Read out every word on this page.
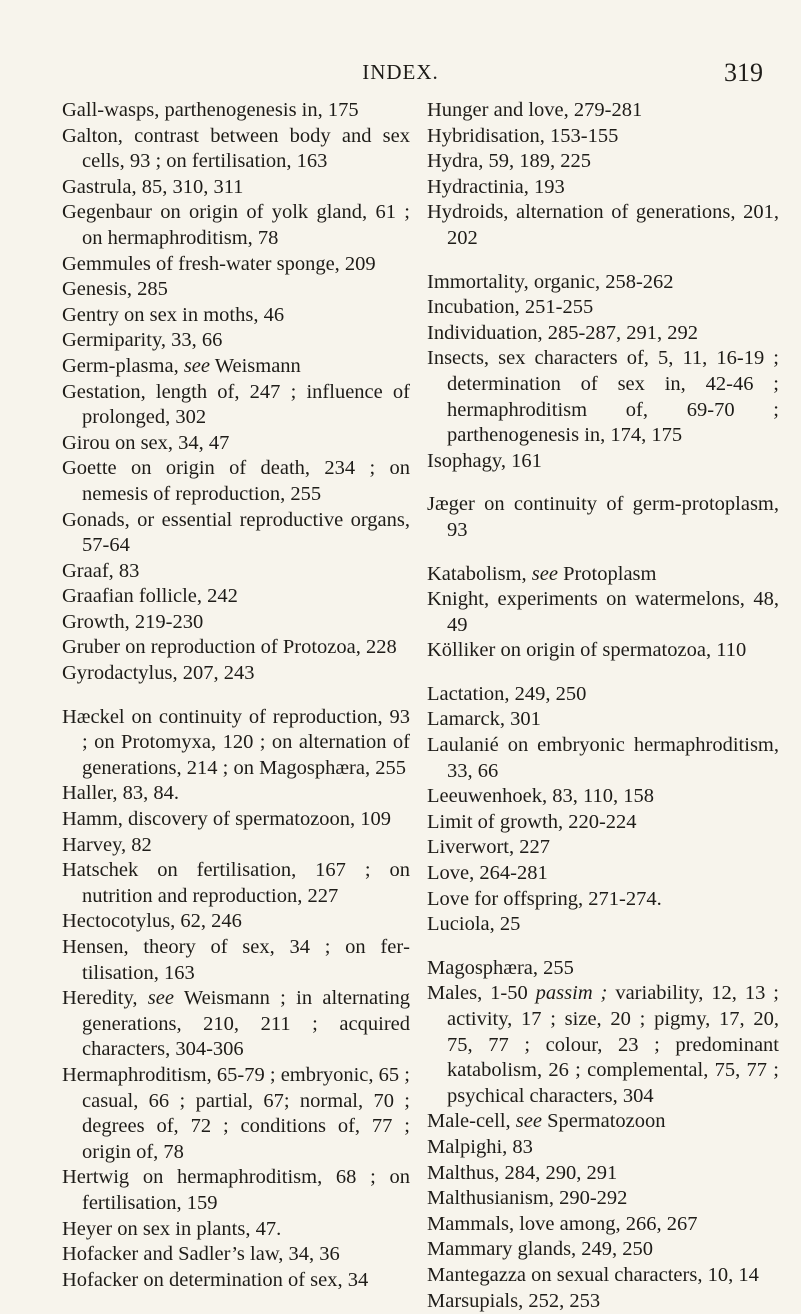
INDEX.	319
Gall-wasps, parthenogenesis in, 175
Galton, contrast between body and sex cells, 93 ; on fertilisation, 163
Gastrula, 85, 310, 311
Gegenbaur on origin of yolk gland, 61 ; on hermaphroditism, 78
Gemmules of fresh-water sponge, 209
Genesis, 285
Gentry on sex in moths, 46
Germiparity, 33, 66
Germ-plasma, see Weismann
Gestation, length of, 247 ; influence of prolonged, 302
Girou on sex, 34, 47
Goette on origin of death, 234 ; on nemesis of reproduction, 255
Gonads, or essential reproductive organs, 57-64
Graaf, 83
Graafian follicle, 242
Growth, 219-230
Gruber on reproduction of Protozoa, 228
Gyrodactylus, 207, 243
Hæckel on continuity of reproduction, 93 ; on Protomyxa, 120 ; on alternation of generations, 214 ; on Magosphæra, 255
Haller, 83, 84.
Hamm, discovery of spermatozoon, 109
Harvey, 82
Hatschek on fertilisation, 167 ; on nutrition and reproduction, 227
Hectocotylus, 62, 246
Hensen, theory of sex, 34 ; on fertilisation, 163
Heredity, see Weismann ; in alternating generations, 210, 211 ; acquired characters, 304-306
Hermaphroditism, 65-79 ; embryonic, 65 ; casual, 66 ; partial, 67; normal, 70 ; degrees of, 72 ; conditions of, 77 ; origin of, 78
Hertwig on hermaphroditism, 68 ; on fertilisation, 159
Heyer on sex in plants, 47.
Hofacker and Sadler’s law, 34, 36
Hofacker on determination of sex, 34
Hunger and love, 279-281
Hybridisation, 153-155
Hydra, 59, 189, 225
Hydractinia, 193
Hydroids, alternation of generations, 201, 202
Immortality, organic, 258-262
Incubation, 251-255
Individuation, 285-287, 291, 292
Insects, sex characters of, 5, 11, 16-19 ; determination of sex in, 42-46 ; hermaphroditism of, 69-70 ; parthenogenesis in, 174, 175
Isophagy, 161
Jæger on continuity of germ-protoplasm, 93
Katabolism, see Protoplasm
Knight, experiments on watermelons, 48, 49
Kölliker on origin of spermatozoa, 110
Lactation, 249, 250
Lamarck, 301
Laulanié on embryonic hermaphroditism, 33, 66
Leeuwenhoek, 83, 110, 158
Limit of growth, 220-224
Liverwort, 227
Love, 264-281
Love for offspring, 271-274.
Luciola, 25
Magosphæra, 255
Males, 1-50 passim ; variability, 12, 13 ; activity, 17 ; size, 20 ; pigmy, 17, 20, 75, 77 ; colour, 23 ; predominant katabolism, 26 ; complemental, 75, 77 ; psychical characters, 304
Male-cell, see Spermatozoon
Malpighi, 83
Malthus, 284, 290, 291
Malthusianism, 290-292
Mammals, love among, 266, 267
Mammary glands, 249, 250
Mantegazza on sexual characters, 10, 14
Marsupials, 252, 253
